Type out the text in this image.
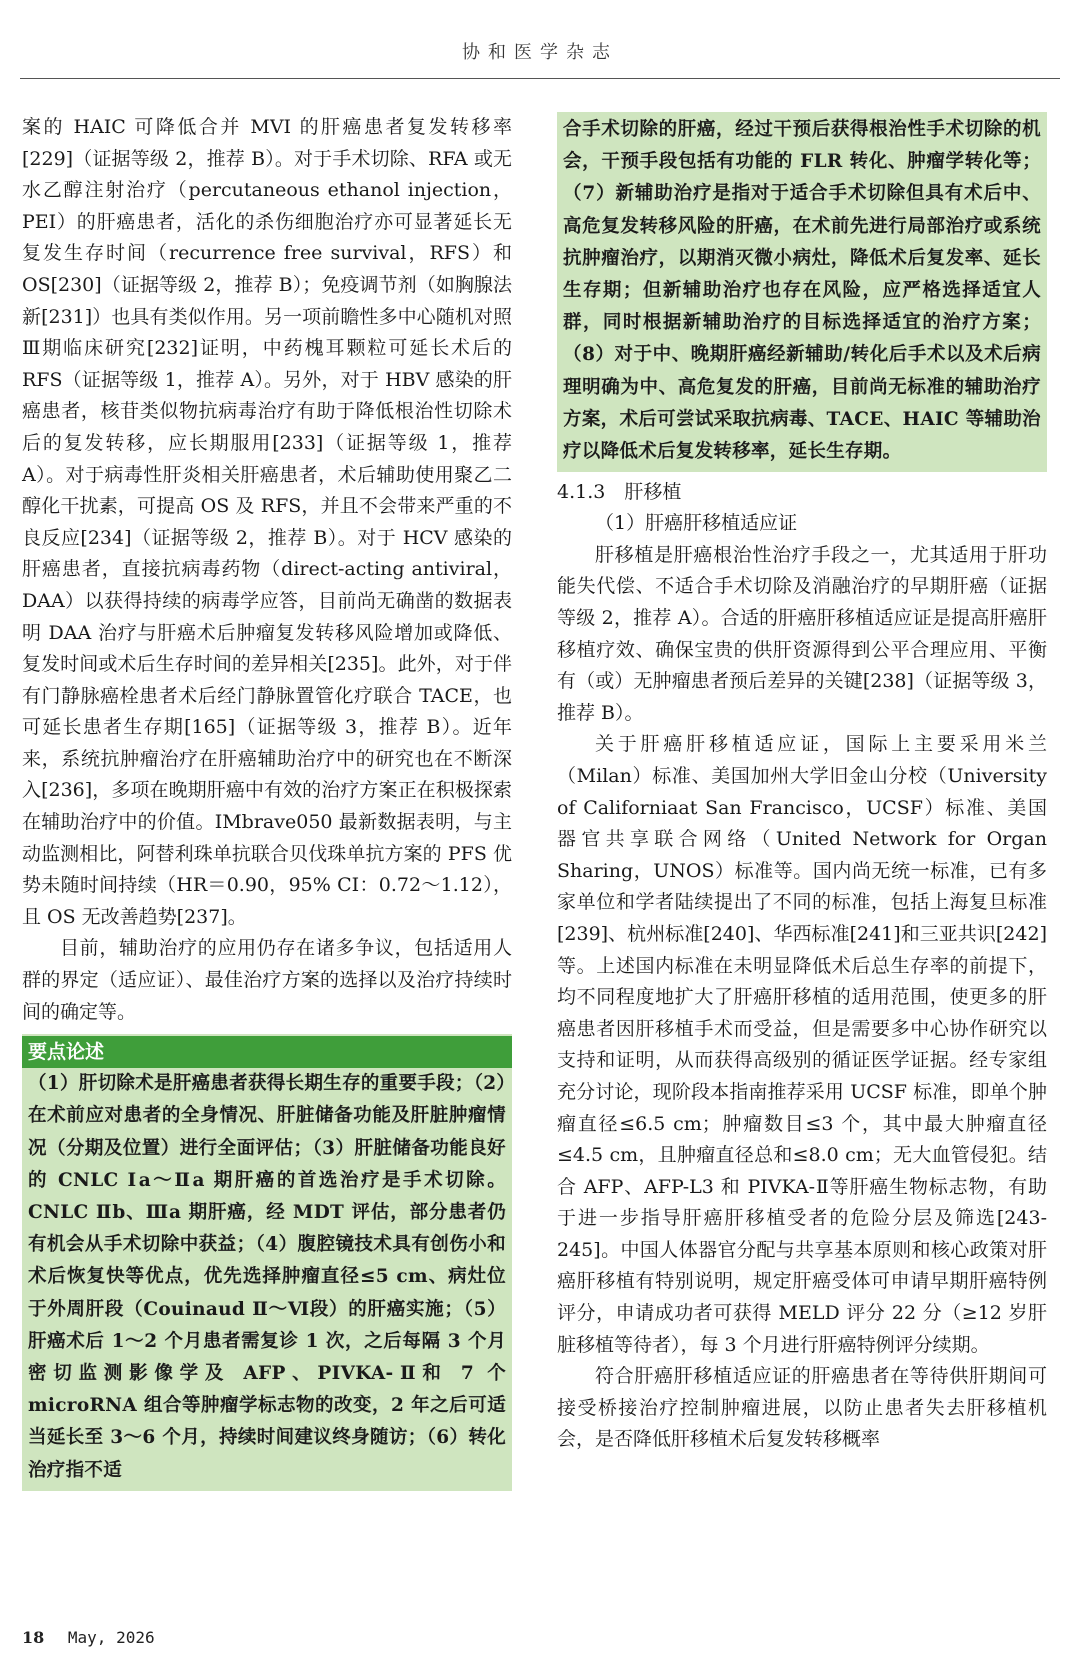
协和医学杂志

案的 HAIC 可降低合并 MVI 的肝癌患者复发转移率[229]（证据等级 2，推荐 B）。对于手术切除、RFA 或无水乙醇注射治疗（percutaneous ethanol injection，PEI）的肝癌患者，活化的杀伤细胞治疗亦可显著延长无复发生存时间（recurrence free survival，RFS）和 OS[230]（证据等级 2，推荐 B）；免疫调节剂（如胸腺法新[231]）也具有类似作用。另一项前瞻性多中心随机对照Ⅲ期临床研究[232]证明，中药槐耳颗粒可延长术后的 RFS（证据等级 1，推荐 A）。另外，对于 HBV 感染的肝癌患者，核苷类似物抗病毒治疗有助于降低根治性切除术后的复发转移，应长期服用[233]（证据等级 1，推荐 A）。对于病毒性肝炎相关肝癌患者，术后辅助使用聚乙二醇化干扰素，可提高 OS 及 RFS，并且不会带来严重的不良反应[234]（证据等级 2，推荐 B）。对于 HCV 感染的肝癌患者，直接抗病毒药物（direct-acting antiviral，DAA）以获得持续的病毒学应答，目前尚无确凿的数据表明 DAA 治疗与肝癌术后肿瘤复发转移风险增加或降低、复发时间或术后生存时间的差异相关[235]。此外，对于伴有门静脉癌栓患者术后经门静脉置管化疗联合 TACE，也可延长患者生存期[165]（证据等级 3，推荐 B）。近年来，系统抗肿瘤治疗在肝癌辅助治疗中的研究也在不断深入[236]，多项在晚期肝癌中有效的治疗方案正在积极探索在辅助治疗中的价值。IMbrave050 最新数据表明，与主动监测相比，阿替利珠单抗联合贝伐珠单抗方案的 PFS 优势未随时间持续（HR＝0.90，95% CI：0.72～1.12），且 OS 无改善趋势[237]。

目前，辅助治疗的应用仍存在诸多争议，包括适用人群的界定（适应证）、最佳治疗方案的选择以及治疗持续时间的确定等。

要点论述

（1）肝切除术是肝癌患者获得长期生存的重要手段；（2）在术前应对患者的全身情况、肝脏储备功能及肝脏肿瘤情况（分期及位置）进行全面评估；（3）肝脏储备功能良好的 CNLC Ⅰa～Ⅱa 期肝癌的首选治疗是手术切除。CNLC Ⅱb、Ⅲa 期肝癌，经 MDT 评估，部分患者仍有机会从手术切除中获益；（4）腹腔镜技术具有创伤小和术后恢复快等优点，优先选择肿瘤直径≤5 cm、病灶位于外周肝段（Couinaud Ⅱ～Ⅵ段）的肝癌实施；（5）肝癌术后 1～2 个月患者需复诊 1 次，之后每隔 3 个月密切监测影像学及 AFP、PIVKA-Ⅱ和 7 个 microRNA 组合等肿瘤学标志物的改变，2 年之后可适当延长至 3～6 个月，持续时间建议终身随访；（6）转化治疗指不适

合手术切除的肝癌，经过干预后获得根治性手术切除的机会，干预手段包括有功能的 FLR 转化、肿瘤学转化等；（7）新辅助治疗是指对于适合手术切除但具有术后中、高危复发转移风险的肝癌，在术前先进行局部治疗或系统抗肿瘤治疗，以期消灭微小病灶，降低术后复发率、延长生存期；但新辅助治疗也存在风险，应严格选择适宜人群，同时根据新辅助治疗的目标选择适宜的治疗方案；（8）对于中、晚期肝癌经新辅助/转化后手术以及术后病理明确为中、高危复发的肝癌，目前尚无标准的辅助治疗方案，术后可尝试采取抗病毒、TACE、HAIC 等辅助治疗以降低术后复发转移率，延长生存期。

4.1.3　肝移植

（1）肝癌肝移植适应证

肝移植是肝癌根治性治疗手段之一，尤其适用于肝功能失代偿、不适合手术切除及消融治疗的早期肝癌（证据等级 2，推荐 A）。合适的肝癌肝移植适应证是提高肝癌肝移植疗效、确保宝贵的供肝资源得到公平合理应用、平衡有（或）无肿瘤患者预后差异的关键[238]（证据等级 3，推荐 B）。

关于肝癌肝移植适应证，国际上主要采用米兰（Milan）标准、美国加州大学旧金山分校（University of Californiaat San Francisco，UCSF）标准、美国器官共享联合网络（United Network for Organ Sharing，UNOS）标准等。国内尚无统一标准，已有多家单位和学者陆续提出了不同的标准，包括上海复旦标准[239]、杭州标准[240]、华西标准[241]和三亚共识[242]等。上述国内标准在未明显降低术后总生存率的前提下，均不同程度地扩大了肝癌肝移植的适用范围，使更多的肝癌患者因肝移植手术而受益，但是需要多中心协作研究以支持和证明，从而获得高级别的循证医学证据。经专家组充分讨论，现阶段本指南推荐采用 UCSF 标准，即单个肿瘤直径≤6.5 cm；肿瘤数目≤3 个，其中最大肿瘤直径≤4.5 cm，且肿瘤直径总和≤8.0 cm；无大血管侵犯。结合 AFP、AFP-L3 和 PIVKA-Ⅱ等肝癌生物标志物，有助于进一步指导肝癌肝移植受者的危险分层及筛选[243-245]。中国人体器官分配与共享基本原则和核心政策对肝癌肝移植有特别说明，规定肝癌受体可申请早期肝癌特例评分，申请成功者可获得 MELD 评分 22 分（≥12 岁肝脏移植等待者），每 3 个月进行肝癌特例评分续期。

符合肝癌肝移植适应证的肝癌患者在等待供肝期间可接受桥接治疗控制肿瘤进展，以防止患者失去肝移植机会，是否降低肝移植术后复发转移概率

18 May, 2026
